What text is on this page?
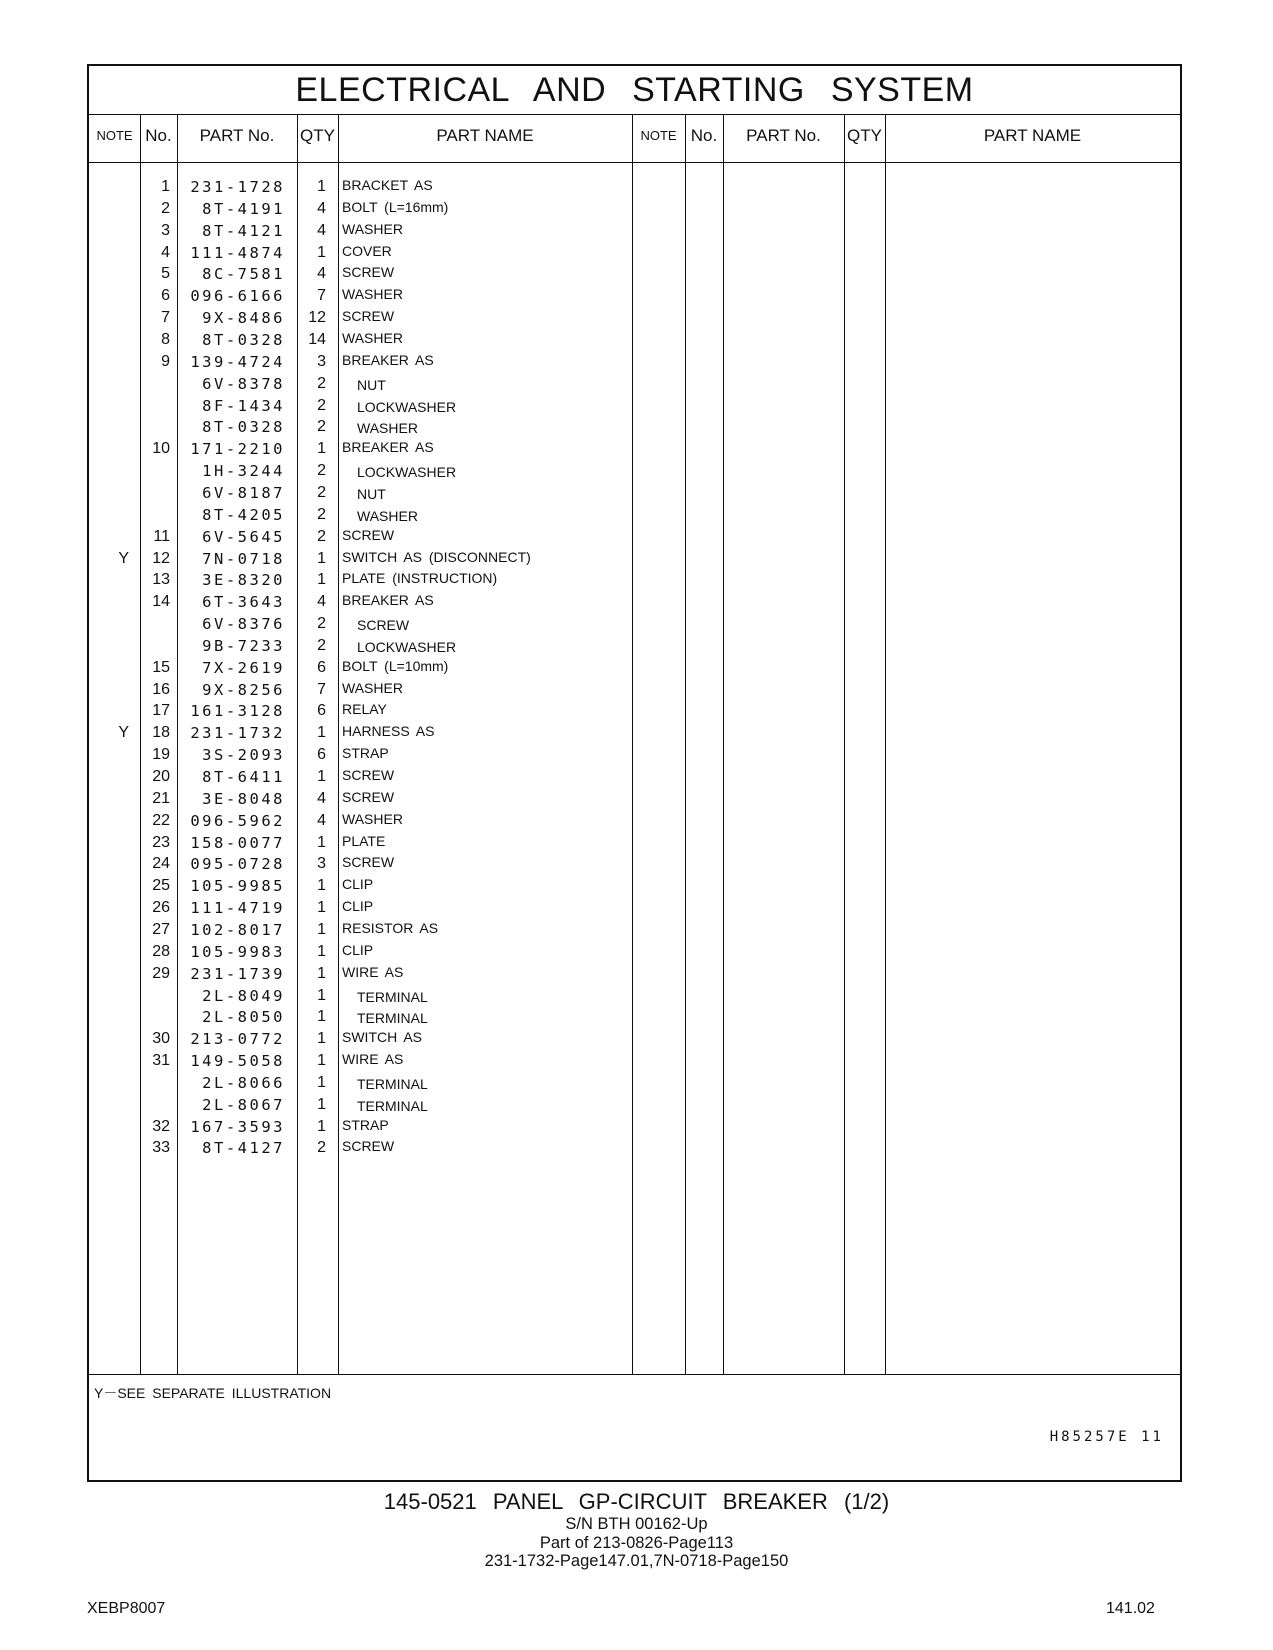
ELECTRICAL AND STARTING SYSTEM
NOTE No.	PART No.	QTY	PART NAME	NOTE No.	PART No.	QTY	PART NAME
1	231-1728	1 BRACKET AS
2	8T-4191	4 BOLT (L=16mm)
3	8T-4121	4 WASHER
4	111-4874	1 COVER
5	8C-7581	4 SCREW
6	096-6166	7 WASHER
7	9X-8486	12 SCREW
8	8T-0328	14 WASHER
9	139-4724	3 BREAKER AS
6V-8378	2 NUT
8F-1434	2 LOCKWASHER
8T-0328	2 WASHER
10	171-2210	1 BREAKER AS
1H-3244	2 LOCKWASHER
6V-8187	2 NUT
8T-4205	2 WASHER
11	6V-5645	2 SCREW
Y	12	7N-0718	1 SWITCH AS (DISCONNECT)
13	3E-8320	1 PLATE (INSTRUCTION)
14	6T-3643	4 BREAKER AS
6V-8376	2 SCREW
9B-7233	2 LOCKWASHER
15	7X-2619	6 BOLT (L=10mm)
16	9X-8256	7 WASHER
17	161-3128	6 RELAY
Y	18	231-1732	1 HARNESS AS
19	3S-2093	6 STRAP
20	8T-6411	1 SCREW
21	3E-8048	4 SCREW
22	096-5962	4 WASHER
23	158-0077	1 PLATE
24	095-0728	3 SCREW
25	105-9985	1 CLIP
26	111-4719	1 CLIP
27	102-8017	1 RESISTOR AS
28	105-9983	1 CLIP
29	231-1739	1 WIRE AS
2L-8049	1 TERMINAL
2L-8050	1 TERMINAL
30	213-0772	1 SWITCH AS
31	149-5058	1 WIRE AS
2L-8066	1 TERMINAL
2L-8067	1 TERMINAL
32	167-3593	1 STRAP
33	8T-4127	2 SCREW
Y－SEE SEPARATE ILLUSTRATION
H85257E 11
145-0521 PANEL GP-CIRCUIT BREAKER (1/2)
S/N BTH 00162-Up
Part of 213-0826-Page113
231-1732-Page147.01,7N-0718-Page150
XEBP8007	141.02
